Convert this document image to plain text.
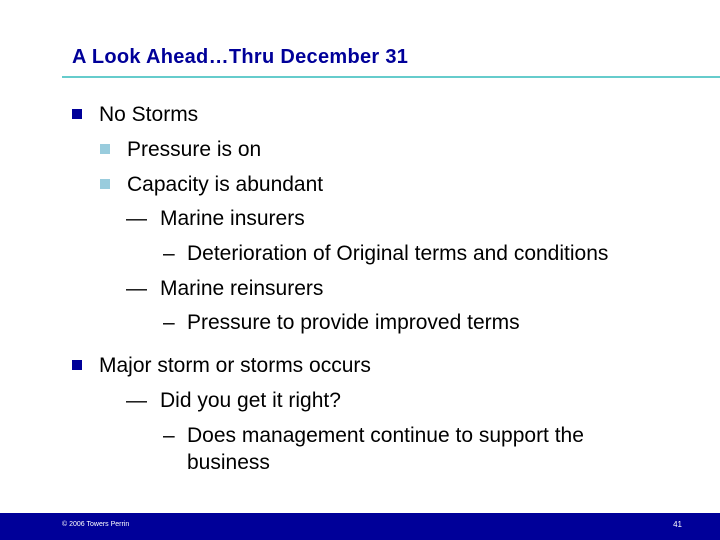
A Look Ahead…Thru December 31
No Storms
Pressure is on
Capacity is abundant
— Marine insurers
– Deterioration of Original terms and conditions
— Marine reinsurers
– Pressure to provide improved terms
Major storm or storms occurs
— Did you get it right?
– Does management continue to support the
business
© 2006 Towers Perrin	41
